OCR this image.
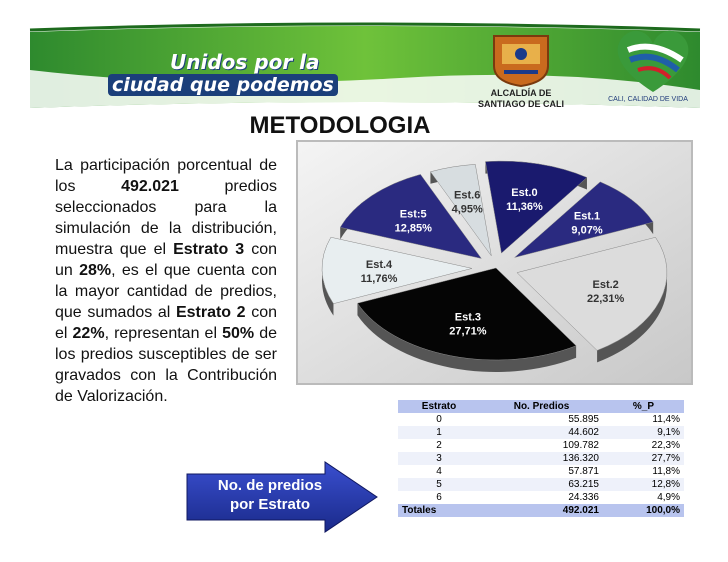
Unidos por la
ciudad que podemos	ALCALDÍA DE
SANTIAGO DE CALI	CALI, CALIDAD DE VIDA
METODOLOGIA
La participación porcentual de los 492.021 predios seleccionados para la simulación de la distribución, muestra que el Estrato 3 con un 28%, es el que cuenta con la mayor cantidad de predios, que sumados al Estrato 2 con el 22%, representan el 50% de los predios susceptibles de ser gravados con la Contribución de Valorización.
Est.0
11,36%
Est.1
9,07%
Est.2
22,31%
Est.3
27,71%
Est.4
11,76%
Est:5
12,85%
Est.6
4,95%
No. de predios
por Estrato
Estrato	No. Predios	%_P
0	55.895	11,4%
1	44.602	9,1%
2	109.782	22,3%
3	136.320	27,7%
4	57.871	11,8%
5	63.215	12,8%
6	24.336	4,9%
Totales	492.021	100,0%
